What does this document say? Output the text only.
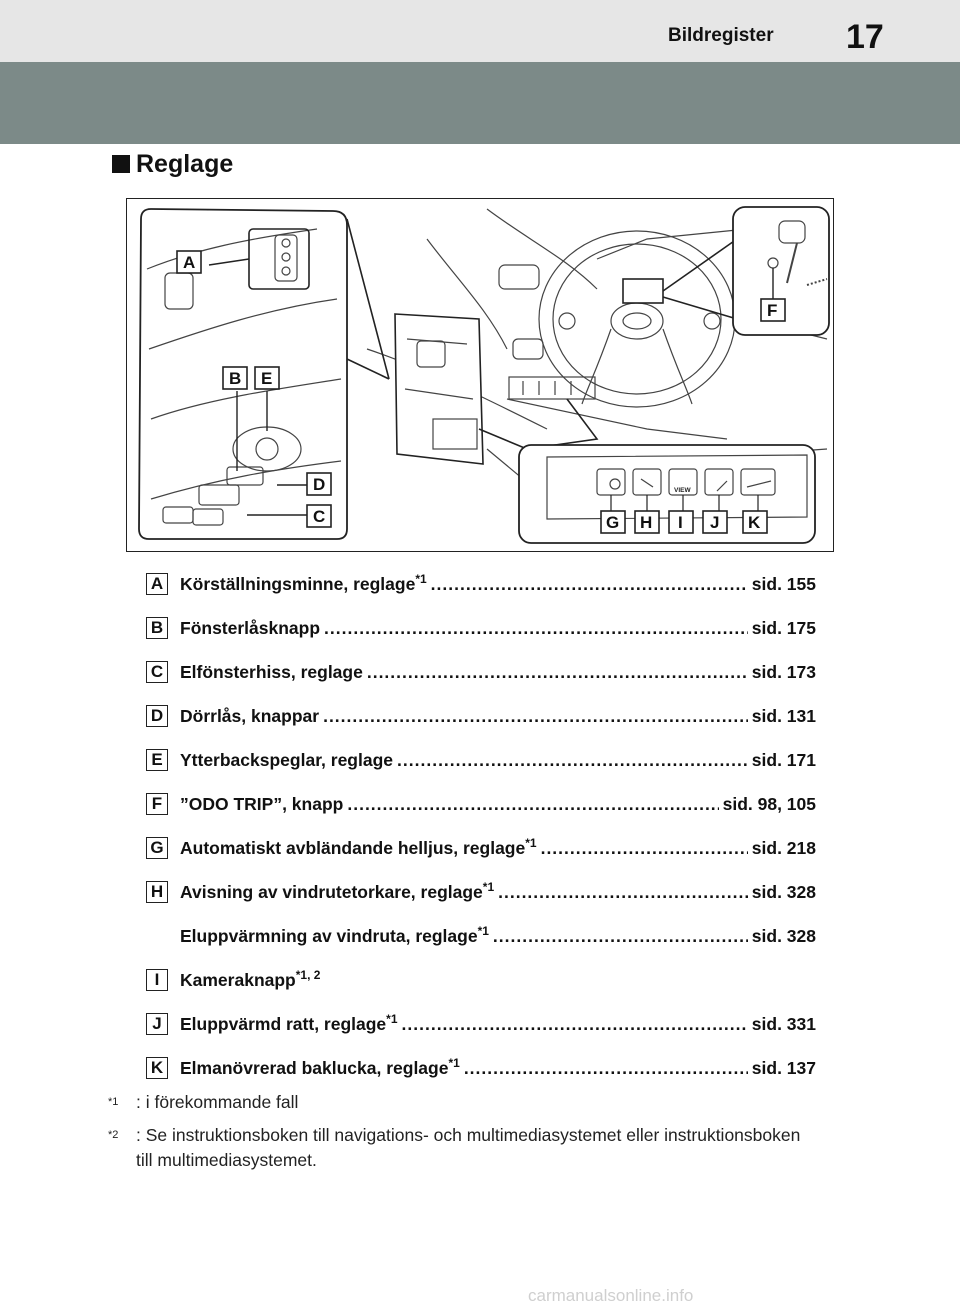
Bildregister 17
Reglage
VIEW
A
B E
D
C
F
G H I J K
A Körställningsminne, reglage$^{*1}$ .....	sid. 155
B Fönsterlåsknapp .....	sid. 175
C Elfönsterhiss, reglage .....	sid. 173
D Dörrlås, knappar .....	sid. 131
E Ytterbackspeglar, reglage .....	sid. 171
F	”ODO TRIP”, knapp .....	sid. 98, 105
G Automatiskt avbländande helljus, reglage$^{*1}$ .....	sid. 218
H Avisning av vindrutetorkare, reglage$^{*1}$ .....	sid. 328
Eluppvärmning av vindruta, reglage$^{*1}$ .....	sid. 328
I	Kameraknapp$^{*1, 2}$
J	Eluppvärmd ratt, reglage$^{*1}$ .....	sid. 331
K Elmanövrerad baklucka, reglage$^{*1}$ .....	sid. 137
$^{*1}$ : i förekommande fall
$^{*2}$ : Se instruktionsboken till navigations- och multimediasystemet eller instruktionsboken till multimediasystemet.
carmanualsonline.info
